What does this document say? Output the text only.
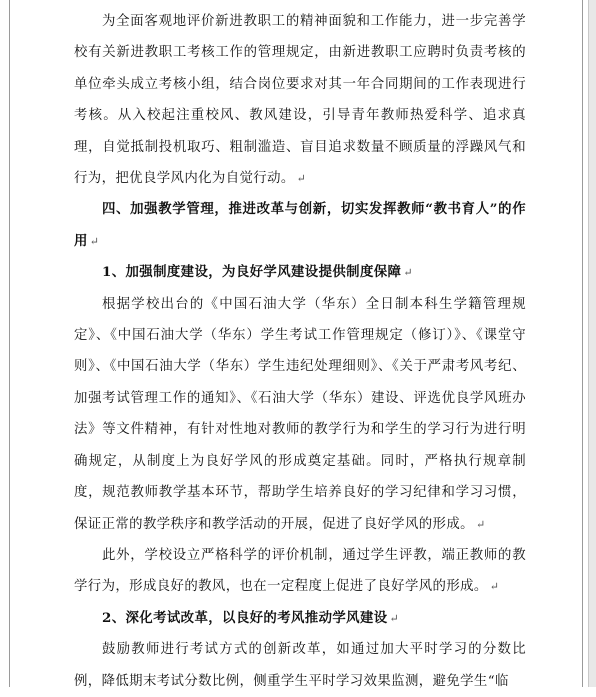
为全面客观地评价新进教职工的精神面貌和工作能力，进一步完善学校有关新进教职工考核工作的管理规定，由新进教职工应聘时负责考核的单位牵头成立考核小组，结合岗位要求对其一年合同期间的工作表现进行考核。从入校起注重校风、教风建设，引导青年教师热爱科学、追求真理，自觉抵制投机取巧、粗制滥造、盲目追求数量不顾质量的浮躁风气和行为，把优良学风内化为自觉行动。 ↵

四、加强教学管理，推进改革与创新，切实发挥教师“教书育人”的作用 ↵

1、加强制度建设，为良好学风建设提供制度保障 ↵

根据学校出台的《中国石油大学（华东）全日制本科生学籍管理规定》、《中国石油大学（华东）学生考试工作管理规定（修订）》、《课堂守则》、《中国石油大学（华东）学生违纪处理细则》、《关于严肃考风考纪、加强考试管理工作的通知》、《石油大学（华东）建设、评选优良学风班办法》等文件精神，有针对性地对教师的教学行为和学生的学习行为进行明确规定，从制度上为良好学风的形成奠定基础。同时，严格执行规章制度，规范教师教学基本环节，帮助学生培养良好的学习纪律和学习习惯，保证正常的教学秩序和教学活动的开展，促进了良好学风的形成。 ↵

此外，学校设立严格科学的评价机制，通过学生评教，端正教师的教学行为，形成良好的教风，也在一定程度上促进了良好学风的形成。 ↵

2、深化考试改革，以良好的考风推动学风建设 ↵

鼓励教师进行考试方式的创新改革，如通过加大平时学习的分数比例，降低期末考试分数比例，侧重学生平时学习效果监测，避免学生“临
